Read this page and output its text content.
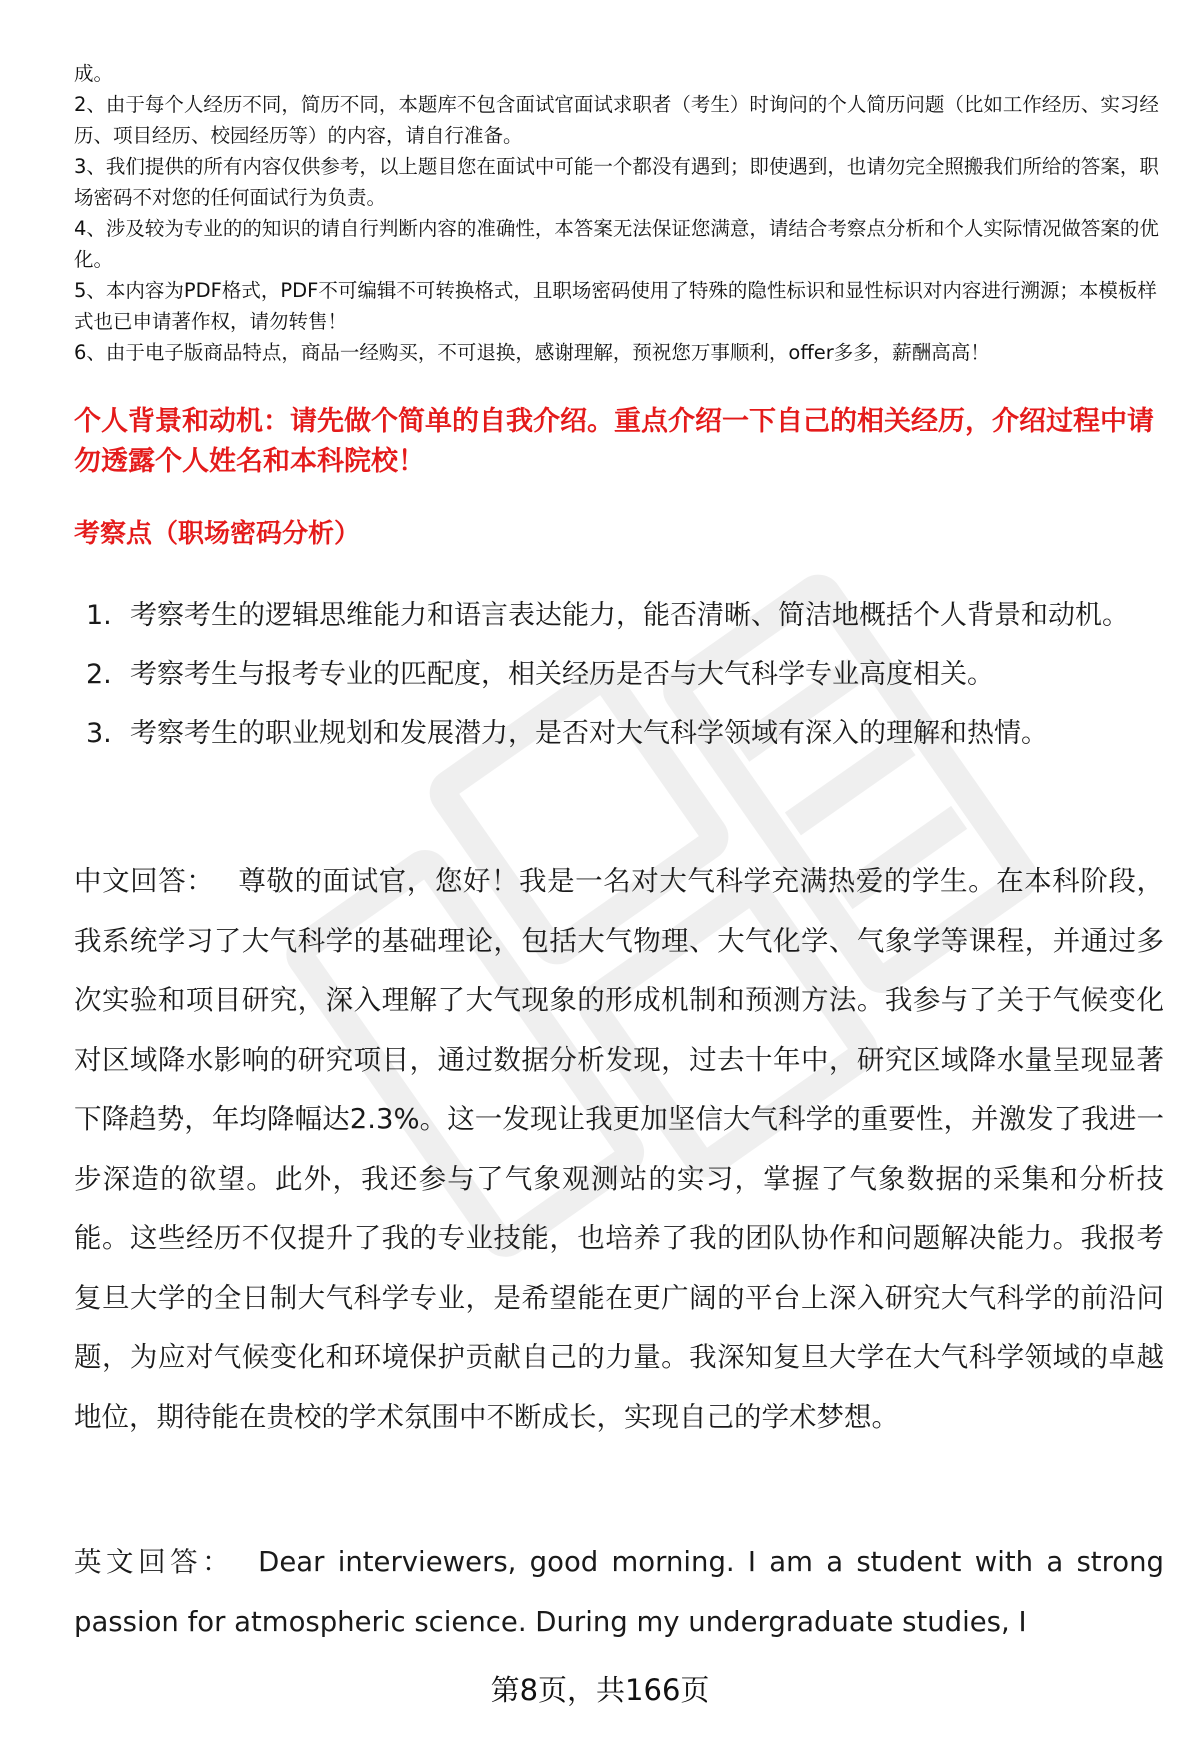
成。

2、由于每个人经历不同，简历不同，本题库不包含面试官面试求职者（考生）时询问的个人简历问题（比如工作经历、实习经历、项目经历、校园经历等）的内容，请自行准备。

3、我们提供的所有内容仅供参考，以上题目您在面试中可能一个都没有遇到；即使遇到，也请勿完全照搬我们所给的答案，职场密码不对您的任何面试行为负责。

4、涉及较为专业的的知识的请自行判断内容的准确性，本答案无法保证您满意，请结合考察点分析和个人实际情况做答案的优化。

5、本内容为PDF格式，PDF不可编辑不可转换格式，且职场密码使用了特殊的隐性标识和显性标识对内容进行溯源；本模板样式也已申请著作权，请勿转售！

6、由于电子版商品特点，商品一经购买，不可退换，感谢理解，预祝您万事顺利，offer多多，薪酬高高！

个人背景和动机：请先做个简单的自我介绍。重点介绍一下自己的相关经历，介绍过程中请勿透露个人姓名和本科院校！

考察点（职场密码分析）

1. 考察考生的逻辑思维能力和语言表达能力，能否清晰、简洁地概括个人背景和动机。
2. 考察考生与报考专业的匹配度，相关经历是否与大气科学专业高度相关。
3. 考察考生的职业规划和发展潜力，是否对大气科学领域有深入的理解和热情。

中文回答： 尊敬的面试官，您好！我是一名对大气科学充满热爱的学生。在本科阶段，我系统学习了大气科学的基础理论，包括大气物理、大气化学、气象学等课程，并通过多次实验和项目研究，深入理解了大气现象的形成机制和预测方法。我参与了关于气候变化对区域降水影响的研究项目，通过数据分析发现，过去十年中，研究区域降水量呈现显著下降趋势，年均降幅达2.3%。这一发现让我更加坚信大气科学的重要性，并激发了我进一步深造的欲望。此外，我还参与了气象观测站的实习，掌握了气象数据的采集和分析技能。这些经历不仅提升了我的专业技能，也培养了我的团队协作和问题解决能力。我报考复旦大学的全日制大气科学专业，是希望能在更广阔的平台上深入研究大气科学的前沿问题，为应对气候变化和环境保护贡献自己的力量。我深知复旦大学在大气科学领域的卓越地位，期待能在贵校的学术氛围中不断成长，实现自己的学术梦想。

英文回答： Dear interviewers, good morning. I am a student with a strong passion for atmospheric science. During my undergraduate studies, I

第8页，共166页
